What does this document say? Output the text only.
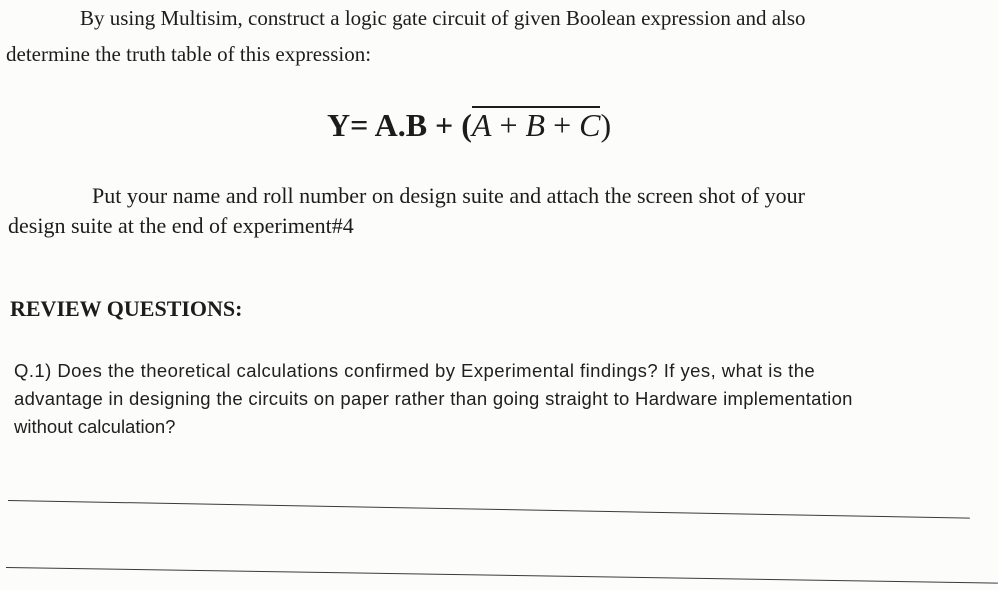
By using Multisim, construct a logic gate circuit of given Boolean expression and also
determine the truth table of this expression:
Y= A.B + (A + B + C)
Put your name and roll number on design suite and attach the screen shot of your
design suite at the end of experiment#4
REVIEW QUESTIONS:
Q.1) Does the theoretical calculations confirmed by Experimental findings? If yes, what is the
advantage in designing the circuits on paper rather than going straight to Hardware implementation
without calculation?
